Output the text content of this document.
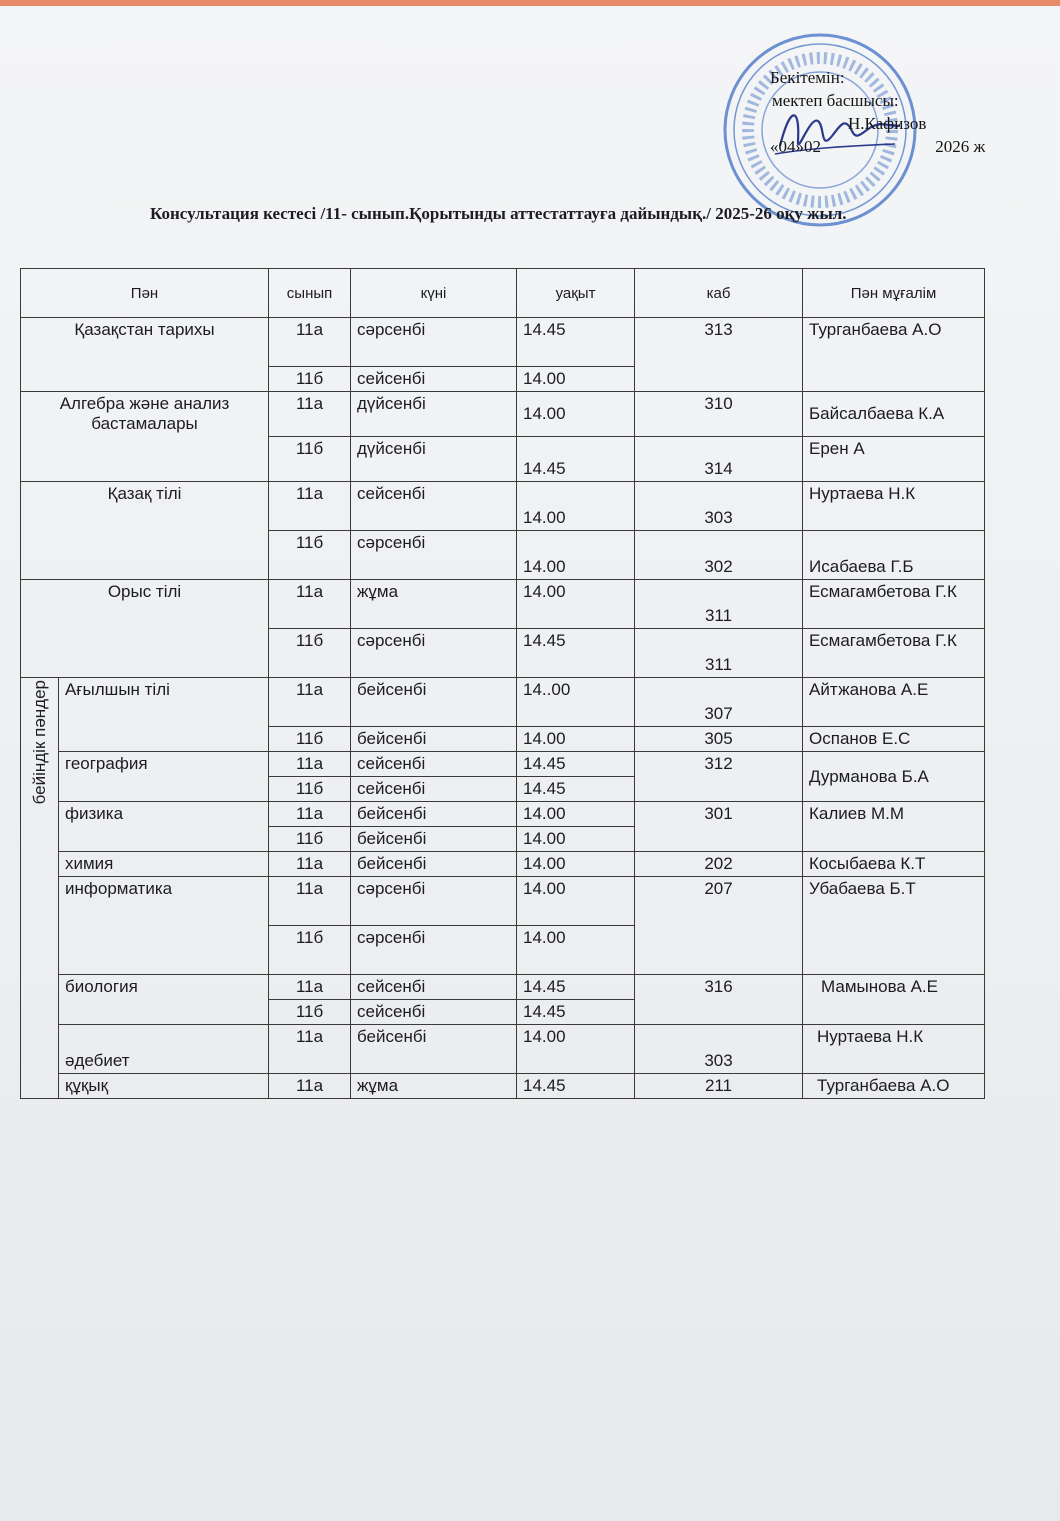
Бекітемін:
мектеп басшысы:
Н.Кафизов
«04»02	2026 ж
Консультация кестесі /11- сынып.Қорытынды аттестаттауға дайындық./ 2025-26 оқу жыл.
Пән		сынып	күні	уақыт	каб	Пән мұғалім
Қазақстан тарихы		11а	сәрсенбі	14.45	313	Турганбаева А.О
		11б	сейсенбі	14.00		
Алгебра және анализ бастамалары		11а	дүйсенбі	14.00	310	Байсалбаева К.А
		11б	дүйсенбі	14.45	314	Ерен А
Қазақ тілі		11а	сейсенбі	14.00	303	Нуртаева Н.К
		11б	сәрсенбі	14.00	302	Исабаева Г.Б
Орыс тілі		11а	жұма	14.00	311	Есмагамбетова Г.К
		11б	сәрсенбі	14.45	311	Есмагамбетова Г.К
бейіндік пәндер	Ағылшын тілі	11а	бейсенбі	14..00	307	Айтжанова А.Е
		11б	бейсенбі	14.00	305	Оспанов Е.С
	география	11а	сейсенбі	14.45	312	Дурманова Б.А
		11б	сейсенбі	14.45		
	физика	11а	бейсенбі	14.00	301	Калиев М.М
		11б	бейсенбі	14.00		
	химия	11а	бейсенбі	14.00	202	Косыбаева К.Т
	информатика	11а	сәрсенбі	14.00	207	Убабаева Б.Т
		11б	сәрсенбі	14.00		
	биология	11а	сейсенбі	14.45	316	Мамынова А.Е
		11б	сейсенбі	14.45		
	әдебиет	11а	бейсенбі	14.00	303	Нуртаева Н.К
	құқық	11а	жұма	14.45	211	Турганбаева А.О
